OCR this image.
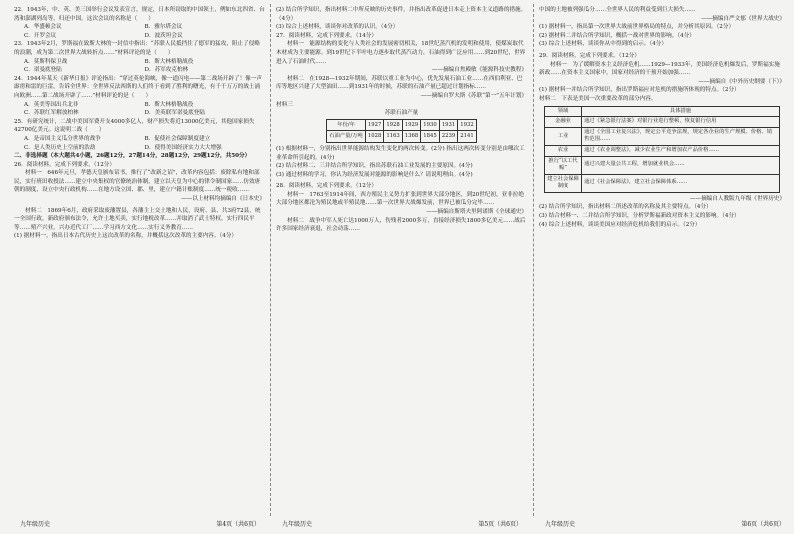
22．1943年，中、英、美三国举行会议发表宣言，规定，日本所窃取的中国领土，例如东北四省、台湾和澎湖列岛等，归还中国。这次会议的名称是（　　）

A．华盛顿会议	B．雅尔塔会议
C．开罗会议	D．波茨坦会议

23．1943年2月，罗斯福在致斯大林的一封信中指出：“苏联人民抵挡住了德军的猛攻，阻止了侵略的浪潮，成为第二次世界大战转折点……”材料评论的是（　　）

A．莫斯科保卫战	B．斯大林格勒战役
C．诺曼底登陆	D．苏军攻克柏林

24．1944年某天《新华日报》评论指出：“穿过英伦海峡，像一道闪电——第二战场开辟了！像一声霹雳和雷的巨雷，告诉全世界：全世界反法西斯的人们终于看到了胜利的曙光，有千千万万的战士涌向欧洲……第二战场开辟了……”材料评论的是（　　）

A．英美等国出兵北非	B．斯大林格勒战役
C．苏联红军解放柏林	D．美英联军诺曼底登陆

25．有研究统计，二战中美国军费开支4000多亿人，财产损失将近13000亿美元，其他国家损失42700亿美元。这说明二战（　　）

A．是帝国主义瓜分世界的战争	B．促使社会保障制度建立
C．是人类历史上空前的浩劫	D．使得美国经济实力大大增强

二、非选择题（本大题共4小题，26题12分，27题14分，28题12分，29题12分，共50分）

26．阅读材料，完成下列要求。（12分）

材料一　646年元旦，孝德天皇颁布诏书，推行了“改新之诏”，改革内容包括：废除私有地和部民，实行班田收授法……建立中央集权的官僚统治体制，建立以天皇为中心的律令制国家……仿效唐朝的制度，设立中央行政机构……在地方设立国、郡、里，建立户籍计账制度……统一税收……

——以上材料均摘编自《日本史》

材料二　1869年6月，政府采取废藩置县，各藩主上交土地和人民，设府、县、共3府72县，统一全国行政，新政府颁布法令，允许土地买卖，实行地税改革……并取消了武士特权，实行四民平等……殖产兴业，兴办近代工厂……学习西方文化……实行义务教育……

(1) 据材料一，指出日本古代历史上这次改革的名称，并概括这次改革的主要内容。（4分）

九年级历史	第4页（共6页）

(2) 结合所学知识，指出材料二中所反映的历史事件，并指出改革促进日本走上资本主义道路的措施。（4分）

(3) 综合上述材料，谈谈你对改革的认识。（4分）

27．阅读材料，完成下列要求。（14分）

材料一　能源结构的变化与人类社会的发展密切相关，18世纪蒸汽机的发明和使用，使煤炭取代木材成为主要能源。到19世纪下半叶电力逐步取代蒸汽动力，石油得到广泛应用……到20世纪，世界进入了石油时代……

——摘编自焦殿敏《能源科技史教程》

材料二　在1928—1932年期间，苏联以重工业为中心，优先发展石油工业……在西伯利亚、巴库等地区兴建了大型油田……到1931年的时候，苏联的石油产量已超过计划指标……

——摘编自罗夫斯《苏联“第一”五年计划》

材料三

苏联石油产量

年份/年	1927	1928	1929	1930	1931	1932
石油产量/万吨	1028	1163	1368	1845	2239	2141

(1) 根据材料一，分别指出世界能源结构发生变化的两次转变。(2分) 指出这两次转变分别是由哪次工业革命所引起的。(4分)

(2) 结合材料二、三并结合所学知识，指出苏联石油工业发展的主要原因。(4分)

(3) 通过材料的学习，你认为经济发展对能源的影响是什么？请说明理由。(4分)

28．阅读材料，完成下列要求。（12分）

材料一　1763至1914年间，西方殖民主义势力扩张到世界大部分地区，到20世纪初，亚非拉绝大部分地区都沦为殖民地或半殖民地……第一次世界大战爆发前，世界已被瓜分完毕……

——摘编自斯塔夫里阿诺斯《全球通史》

材料二　战争中军人死亡达1000万人，伤残者2000多万，直接经济损失1800多亿美元……战后许多国家经济衰退，社会动荡……

九年级历史	第5页（共6页）

中国的土地被列强瓜分……全世界人民的利益受到巨大损失……

——摘编自严文郁《世界大战史》

(1) 据材料一，指出第一次世界大战前世界格局的特点，并分析其原因。（2分）

(2) 据材料二并结合所学知识，概括一战对世界的影响。（4分）

(3) 综合上述材料，谈谈你从中得到的启示。（4分）

29．阅读材料，完成下列要求。（12分）

材料一　为了缓解资本主义经济危机……1929—1933年，美国经济危机爆发后，罗斯福实施新政……在资本主义国家中，国家对经济的干预开始加强……

——摘编自《中外历史纲要（下）》

(1) 据材料一并结合所学知识，指出罗斯福应对危机的措施所体现的特点。（2分）

材料二　下表是美国一次重要改革的部分内容。

领域	具体措施
金融业	通过《紧急银行法案》对银行业进行整顿，恢复银行信用
工业	通过《全国工业复兴法》，规定公平竞争法规，规定各企业的生产规模、价格、销售范围……
农业	通过《农业调整法》，减少农业生产和增加农产品价格……
推行“以工代赈”	通过兴建大量公共工程，增加就业机会……
建立社会保障制度	通过《社会保障法》，建立社会保障体系……

——摘编自人教版九年级《世界历史》

(2) 结合所学知识，指出材料二所述改革的名称及其主要特点。（4分）

(3) 结合材料一、二并结合所学知识，分析罗斯福新政对资本主义的影响。（4分）

(4) 综合上述材料，谈谈美国应对经济危机给我们的启示。（2分）

九年级历史	第6页（共6页）
